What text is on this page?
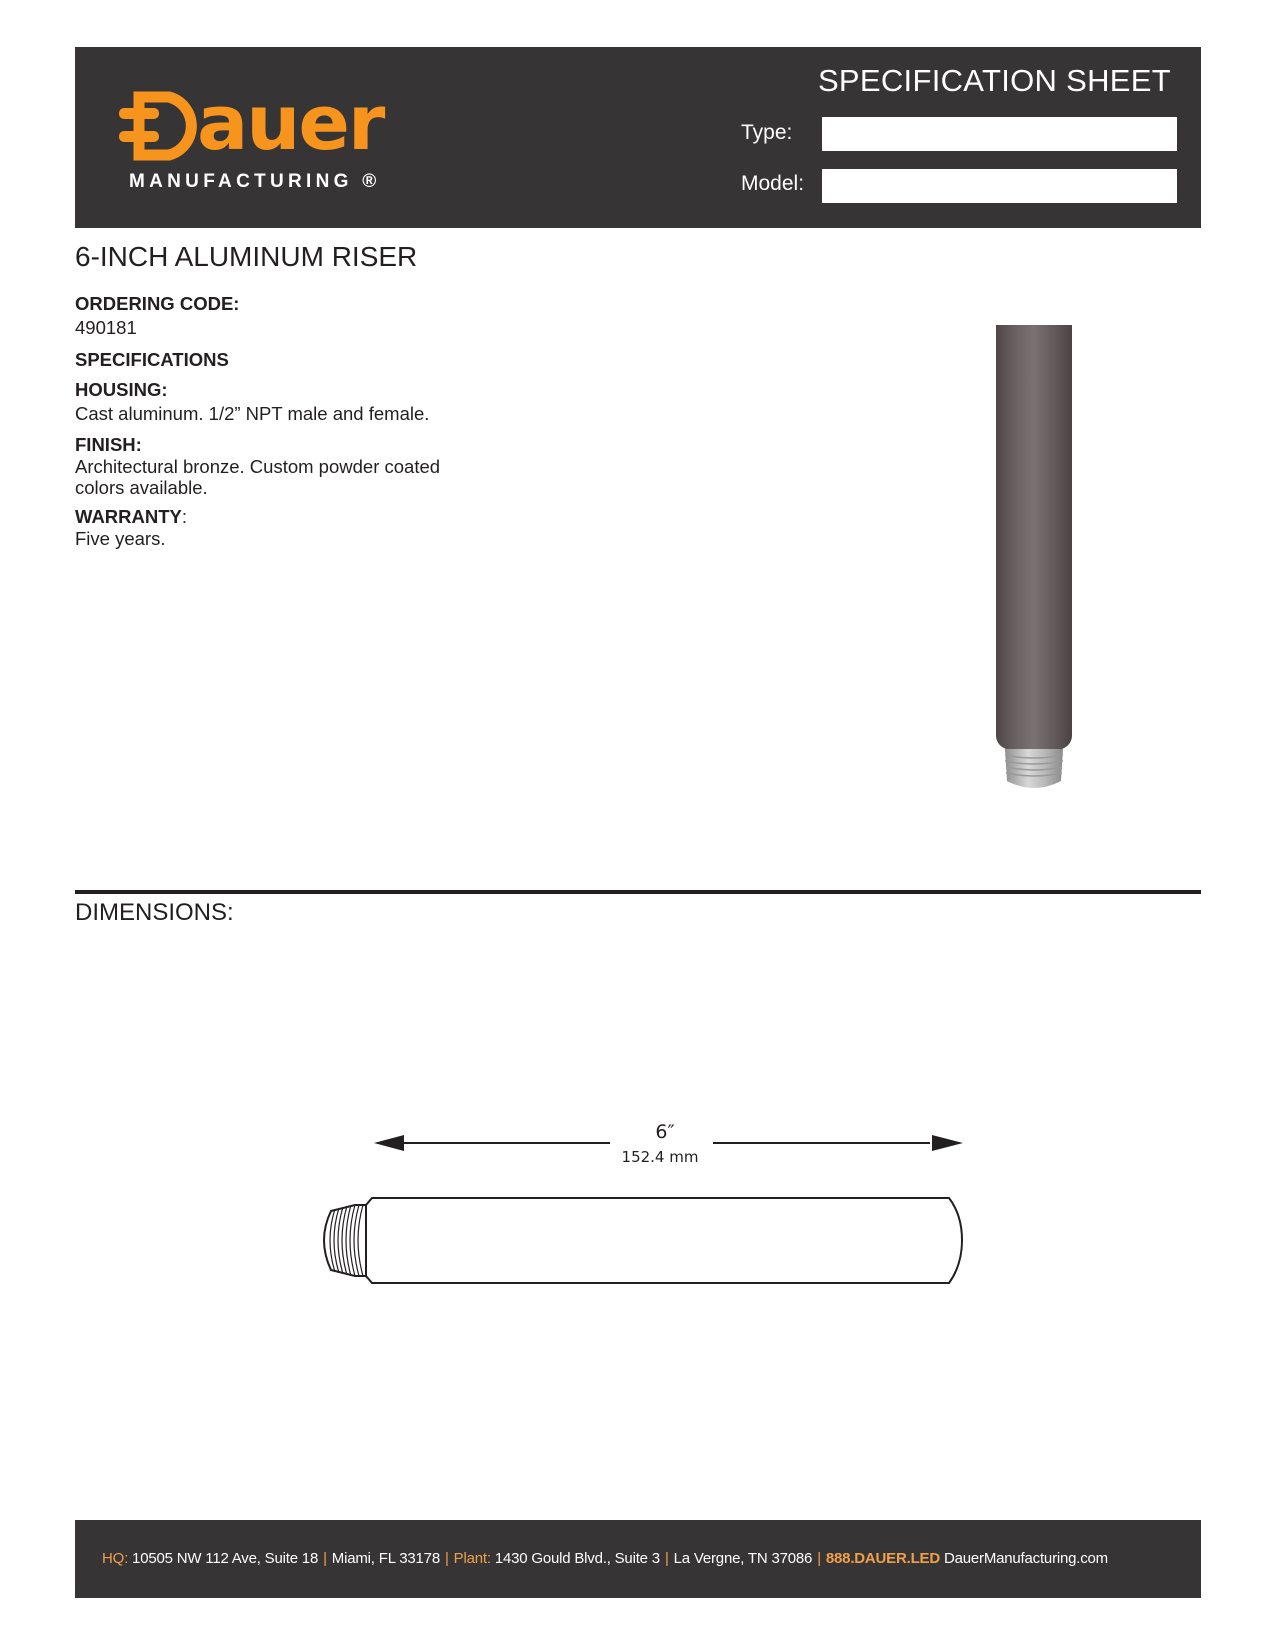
auer
MANUFACTURING ®
SPECIFICATION SHEET
Type:
Model:
6-INCH ALUMINUM RISER
ORDERING CODE:
490181
SPECIFICATIONS
HOUSING:
Cast aluminum. 1/2” NPT male and female.
FINISH:
Architectural bronze. Custom powder coated
colors available.
WARRANTY:
Five years.
DIMENSIONS:
6″
152.4 mm
HQ: 10505 NW 112 Ave, Suite 18 | Miami, FL 33178 | Plant: 1430 Gould Blvd., Suite 3 | La Vergne, TN 37086 | 888.DAUER.LED DauerManufacturing.com
